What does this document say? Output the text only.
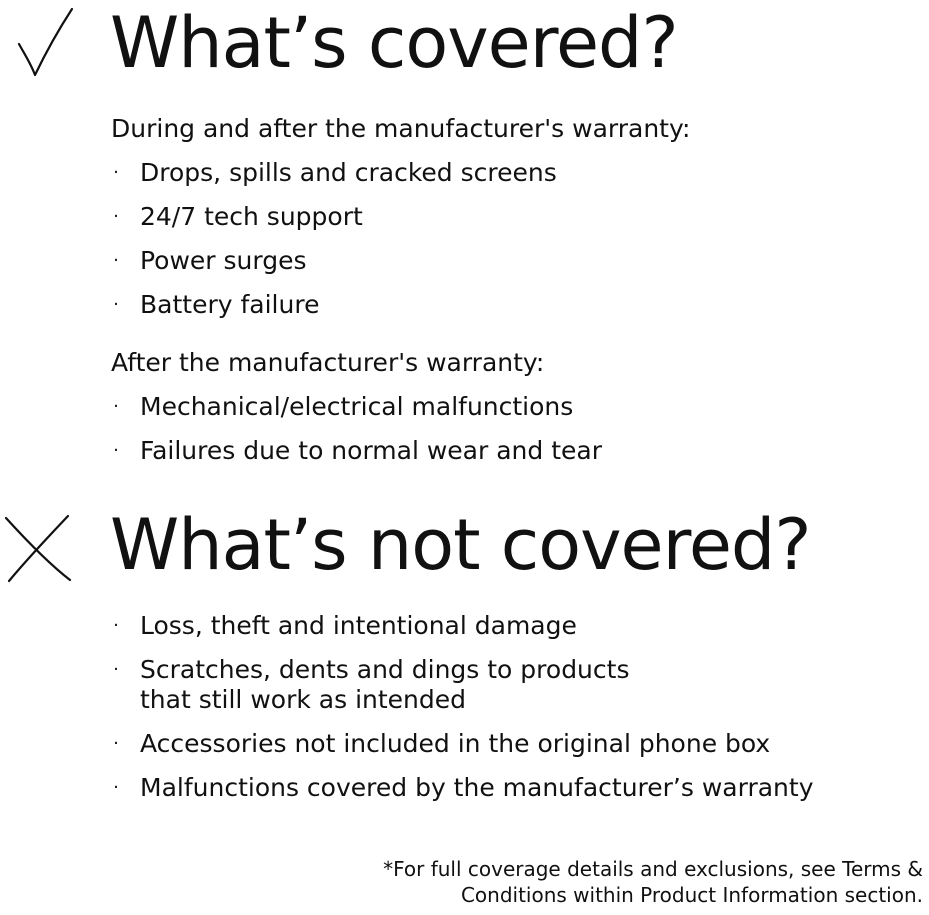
What’s covered?

During and after the manufacturer's warranty:

· Drops, spills and cracked screens
· 24/7 tech support
· Power surges
· Battery failure

After the manufacturer's warranty:

· Mechanical/electrical malfunctions
· Failures due to normal wear and tear
What’s not covered?
· Loss, theft and intentional damage
· Scratches, dents and dings to products
that still work as intended
· Accessories not included in the original phone box
· Malfunctions covered by the manufacturer’s warranty
*For full coverage details and exclusions, see Terms &
Conditions within Product Information section.
